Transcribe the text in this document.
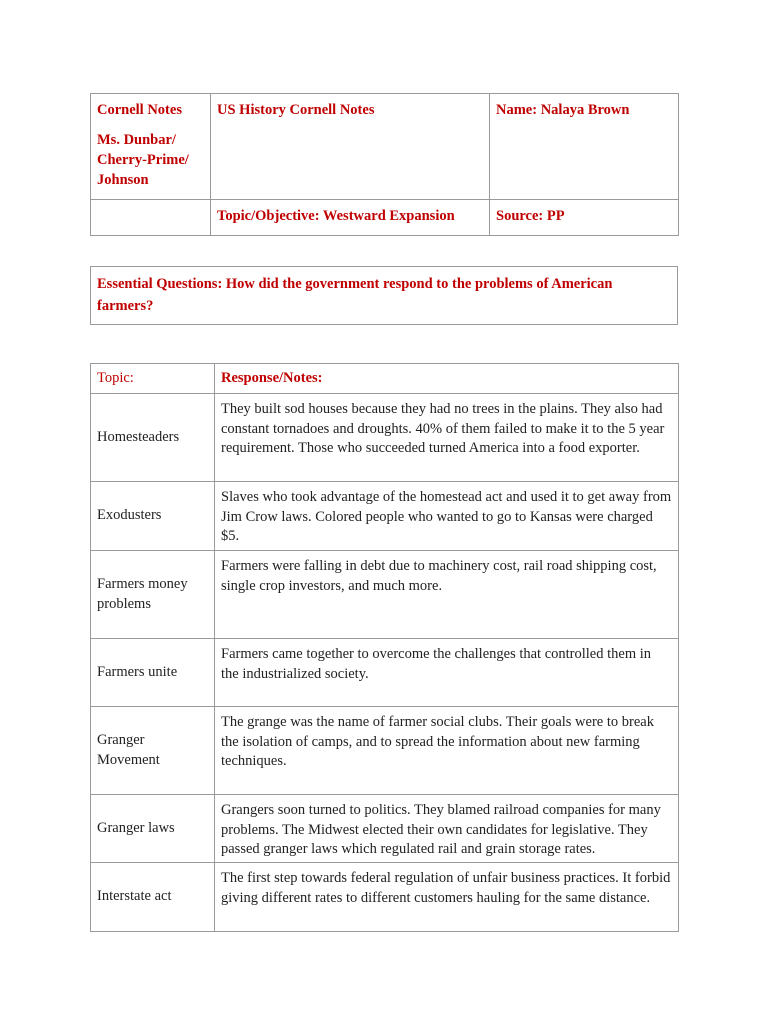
Cornell Notes

Ms. Dunbar/ Cherry-Prime/ Johnson	US History Cornell Notes	Name: Nalaya Brown

	Topic/Objective: Westward Expansion	Source: PP
Essential Questions: How did the government respond to the problems of American farmers?
Topic:	Response/Notes:
Homesteaders	They built sod houses because they had no trees in the plains. They also had constant tornadoes and droughts. 40% of them failed to make it to the 5 year requirement. Those who succeeded turned America into a food exporter.
Exodusters	Slaves who took advantage of the homestead act and used it to get away from Jim Crow laws. Colored people who wanted to go to Kansas were charged $5.
Farmers money problems	Farmers were falling in debt due to machinery cost, rail road shipping cost, single crop investors, and much more.
Farmers unite	Farmers came together to overcome the challenges that controlled them in the industrialized society.
Granger Movement	The grange was the name of farmer social clubs. Their goals were to break the isolation of camps, and to spread the information about new farming techniques.
Granger laws	Grangers soon turned to politics. They blamed railroad companies for many problems. The Midwest elected their own candidates for legislative. They passed granger laws which regulated rail and grain storage rates.
Interstate act	The first step towards federal regulation of unfair business practices. It forbid giving different rates to different customers hauling for the same distance.
